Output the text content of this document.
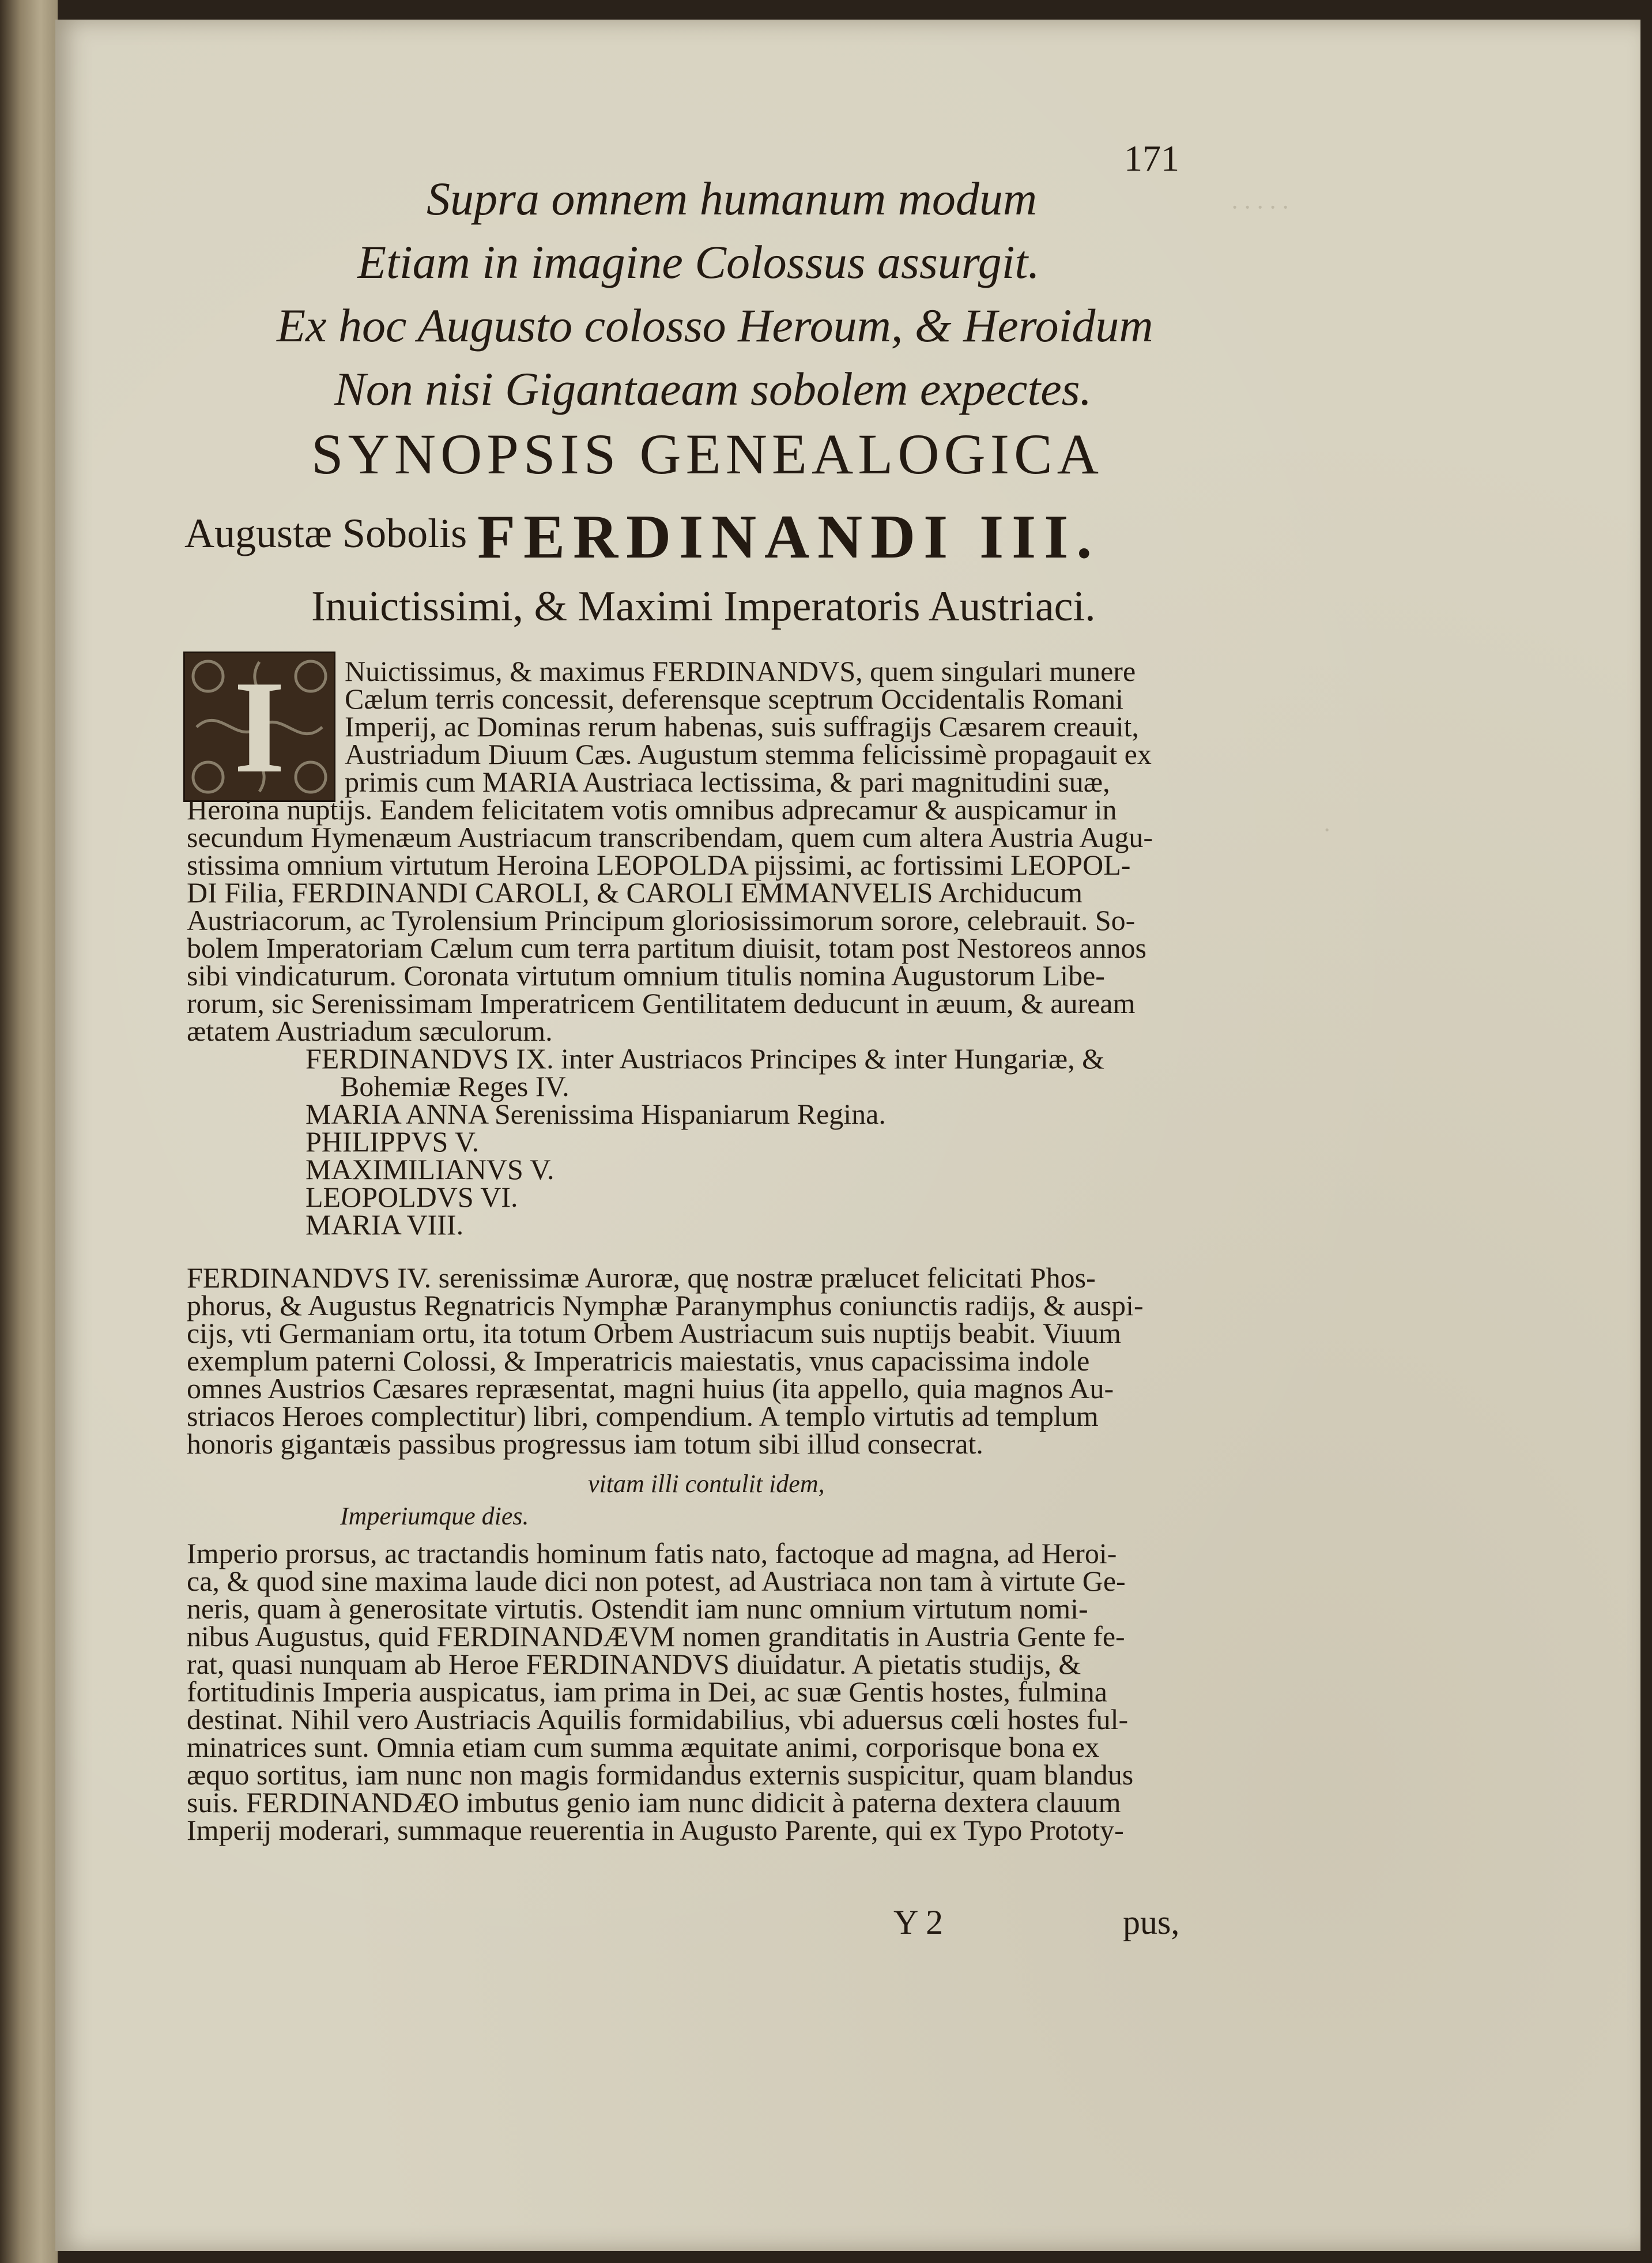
· · · · ·
·
171

Supra omnem humanum modum

Etiam in imagine Colossus assurgit.

Ex hoc Augusto colosso Heroum, & Heroidum

Non nisi Gigantaeam sobolem expectes.

SYNOPSIS GENEALOGICA
Augustæ Sobolis FERDINANDI III.
Inuictissimi, & Maximi Imperatoris Austriaci.
I	Nuictissimus, & maximus FERDINANDVS, quem singulari munere

Cælum terris concessit, deferensque sceptrum Occidentalis Romani

Imperij, ac Dominas rerum habenas, suis suffragijs Cæsarem creauit,

Austriadum Diuum Cæs. Augustum stemma felicissimè propagauit ex

primis cum MARIA Austriaca lectissima, & pari magnitudini suæ,

Heroina nuptijs. Eandem felicitatem votis omnibus adprecamur & auspicamur in

secundum Hymenæum Austriacum transcribendam, quem cum altera Austria Augu-

stissima omnium virtutum Heroina LEOPOLDA pijssimi, ac fortissimi LEOPOL-

DI Filia, FERDINANDI CAROLI, & CAROLI EMMANVELIS Archiducum

Austriacorum, ac Tyrolensium Principum gloriosissimorum sorore, celebrauit. So-

bolem Imperatoriam Cælum cum terra partitum diuisit, totam post Nestoreos annos

sibi vindicaturum. Coronata virtutum omnium titulis nomina Augustorum Libe-

rorum, sic Serenissimam Imperatricem Gentilitatem deducunt in æuum, & auream

ætatem Austriadum sæculorum.

FERDINANDVS IX. inter Austriacos Principes & inter Hungariæ, &

Bohemiæ Reges IV.

MARIA ANNA Serenissima Hispaniarum Regina.

PHILIPPVS V.

MAXIMILIANVS V.

LEOPOLDVS VI.

MARIA VIII.

FERDINANDVS IV. serenissimæ Auroræ, quę nostræ prælucet felicitati Phos-

phorus, & Augustus Regnatricis Nymphæ Paranymphus coniunctis radijs, & auspi-

cijs, vti Germaniam ortu, ita totum Orbem Austriacum suis nuptijs beabit. Viuum

exemplum paterni Colossi, & Imperatricis maiestatis, vnus capacissima indole

omnes Austrios Cæsares repræsentat, magni huius (ita appello, quia magnos Au-

striacos Heroes complectitur) libri, compendium. A templo virtutis ad templum

honoris gigantæis passibus progressus iam totum sibi illud consecrat.

vitam illi contulit idem,

Imperiumque dies.

Imperio prorsus, ac tractandis hominum fatis nato, factoque ad magna, ad Heroi-

ca, & quod sine maxima laude dici non potest, ad Austriaca non tam à virtute Ge-

neris, quam à generositate virtutis. Ostendit iam nunc omnium virtutum nomi-

nibus Augustus, quid FERDINANDÆVM nomen granditatis in Austria Gente fe-

rat, quasi nunquam ab Heroe FERDINANDVS diuidatur. A pietatis studijs, &

fortitudinis Imperia auspicatus, iam prima in Dei, ac suæ Gentis hostes, fulmina

destinat. Nihil vero Austriacis Aquilis formidabilius, vbi aduersus cœli hostes ful-

minatrices sunt. Omnia etiam cum summa æquitate animi, corporisque bona ex

æquo sortitus, iam nunc non magis formidandus externis suspicitur, quam blandus

suis. FERDINANDÆO imbutus genio iam nunc didicit à paterna dextera clauum

Imperij moderari, summaque reuerentia in Augusto Parente, qui ex Typo Prototy-

Y 2	pus,
